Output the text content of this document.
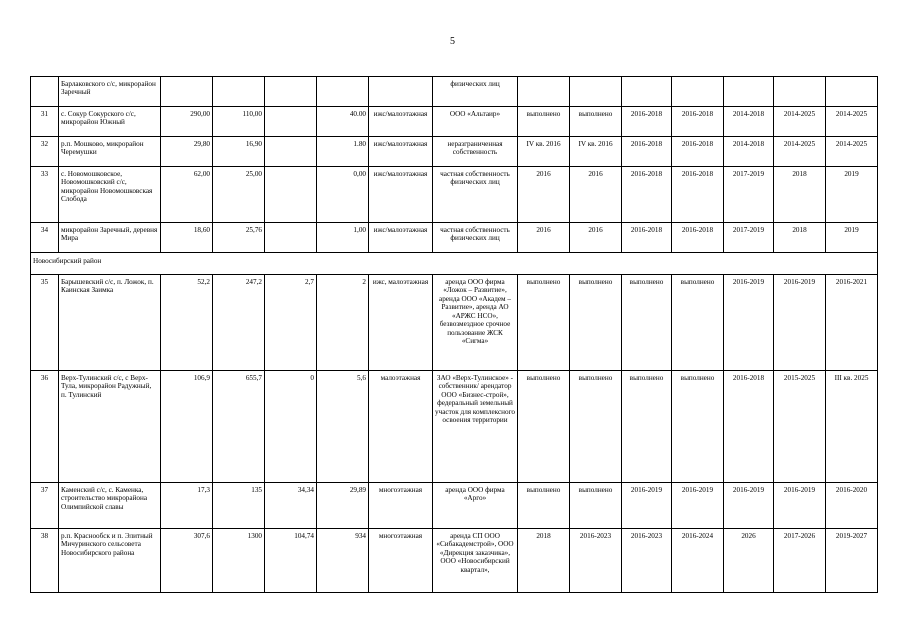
5
	Барлаковского с/с, микрорайон Заречный						физических лиц							
31	с. Сокур Сокурского с/с, микрорайон Южный	290,00	110,00		40.00	ижс/малоэтажная	ООО «Альтаир»	выполнено	выполнено	2016-2018	2016-2018	2014-2018	2014-2025	2014-2025
32	р.п. Мошково, микрорайон Черемушки	29,80	16,90		1.80	ижс/малоэтажная	неразграниченная собственность	IV кв. 2016	IV кв. 2016	2016-2018	2016-2018	2014-2018	2014-2025	2014-2025
33	с. Новомошковское, Новомошковский с/с, микрорайон Новомошковская Слобода	62,00	25,00		0,00	ижс/малоэтажная	частная собственность физических лиц	2016	2016	2016-2018	2016-2018	2017-2019	2018	2019
34	микрорайон Заречный, деревня Мира	18,60	25,76		1,00	ижс/малоэтажная	частная собственность физических лиц	2016	2016	2016-2018	2016-2018	2017-2019	2018	2019
Новосибирский район														
35	Барышевский с/с, п. Ложок, п. Каинская Заимка	52,2	247,2	2,7	2	ижс, малоэтажная	аренда ООО фирма «Ложок – Развитие», аренда ООО «Академ – Развитие», аренда АО «АРЖС НСО», безвозмездное срочное пользование ЖСК «Сигма»	выполнено	выполнено	выполнено	выполнено	2016-2019	2016-2019	2016-2021
36	Верх-Тулинский с/с, с Верх-Тула, микрорайон Радужный, п. Тулинский	106,9	655,7	0	5,6	малоэтажная	ЗАО «Верх-Тулинское» - собственник/ арендатор ООО «Бизнес-строй», федеральный земельный участок для комплексного освоения территории	выполнено	выполнено	выполнено	выполнено	2016-2018	2015-2025	III кв. 2025
37	Каменский с/с, с. Каменка, строительство микрорайона Олимпийской славы	17,3	135	34,34	29,89	многоэтажная	аренда ООО фирма «Арго»	выполнено	выполнено	2016-2019	2016-2019	2016-2019	2016-2019	2016-2020
38	р.п. Краснообск и п. Элитный Мичуринского сельсовета Новосибирского района	307,6	1300	104,74	934	многоэтажная	аренда СП ООО «Сибакадемстрой», ООО «Дирекция заказчика», ООО «Новосибирский квартал»,	2018	2016-2023	2016-2023	2016-2024	2026	2017-2026	2019-2027
